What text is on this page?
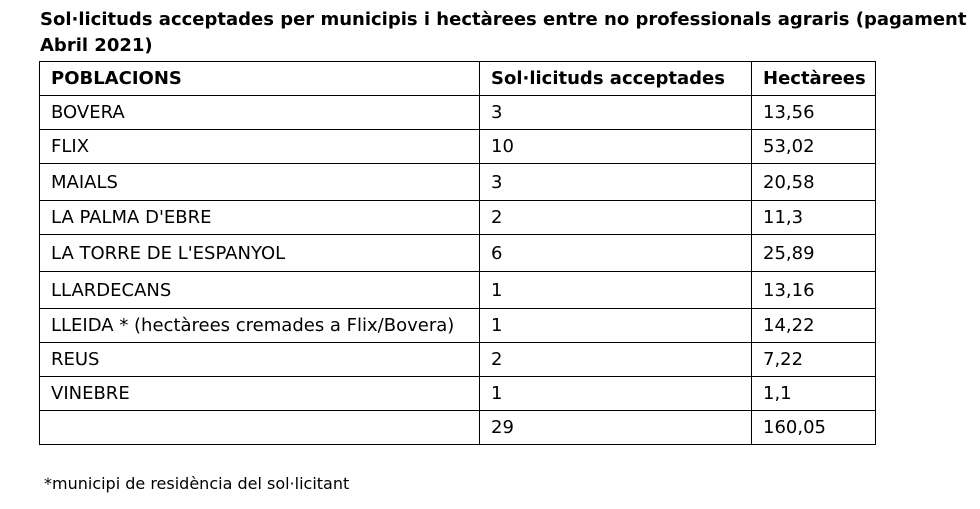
Sol·licituds acceptades per municipis i hectàrees entre no professionals agraris (pagament Abril 2021)
POBLACIONS	Sol·licituds acceptades	Hectàrees
BOVERA	3	13,56
FLIX	10	53,02
MAIALS	3	20,58
LA PALMA D'EBRE	2	11,3
LA TORRE DE L'ESPANYOL	6	25,89
LLARDECANS	1	13,16
LLEIDA * (hectàrees cremades a Flix/Bovera)	1	14,22
REUS	2	7,22
VINEBRE	1	1,1
	29	160,05
*municipi de residència del sol·licitant
